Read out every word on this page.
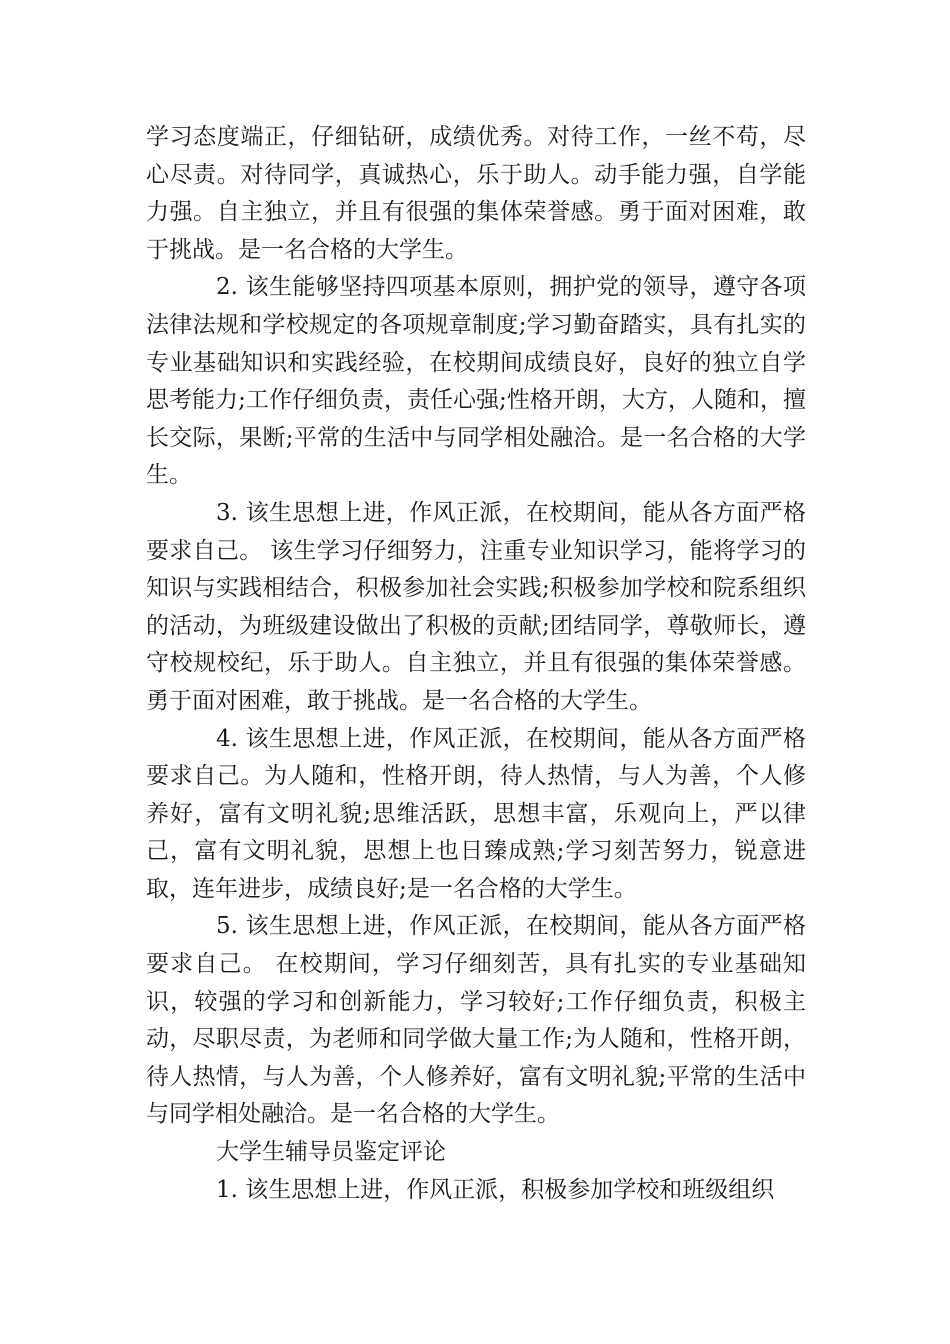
学习态度端正，仔细钻研，成绩优秀。对待工作，一丝不苟，尽心尽责。对待同学，真诚热心，乐于助人。动手能力强，自学能力强。自主独立，并且有很强的集体荣誉感。勇于面对困难，敢于挑战。是一名合格的大学生。

2. 该生能够坚持四项基本原则，拥护党的领导，遵守各项法律法规和学校规定的各项规章制度;学习勤奋踏实，具有扎实的专业基础知识和实践经验，在校期间成绩良好，良好的独立自学思考能力;工作仔细负责，责任心强;性格开朗，大方，人随和，擅长交际，果断;平常的生活中与同学相处融洽。是一名合格的大学生。

3. 该生思想上进，作风正派，在校期间，能从各方面严格要求自己。 该生学习仔细努力，注重专业知识学习，能将学习的知识与实践相结合，积极参加社会实践;积极参加学校和院系组织的活动，为班级建设做出了积极的贡献;团结同学，尊敬师长，遵守校规校纪，乐于助人。自主独立，并且有很强的集体荣誉感。勇于面对困难，敢于挑战。是一名合格的大学生。

4. 该生思想上进，作风正派，在校期间，能从各方面严格要求自己。为人随和，性格开朗，待人热情，与人为善，个人修养好，富有文明礼貌;思维活跃，思想丰富，乐观向上，严以律己，富有文明礼貌，思想上也日臻成熟;学习刻苦努力，锐意进取，连年进步，成绩良好;是一名合格的大学生。

5. 该生思想上进，作风正派，在校期间，能从各方面严格要求自己。 在校期间，学习仔细刻苦，具有扎实的专业基础知识，较强的学习和创新能力，学习较好;工作仔细负责，积极主动，尽职尽责，为老师和同学做大量工作;为人随和，性格开朗，待人热情，与人为善，个人修养好，富有文明礼貌;平常的生活中与同学相处融洽。是一名合格的大学生。

大学生辅导员鉴定评论

1. 该生思想上进，作风正派，积极参加学校和班级组织
